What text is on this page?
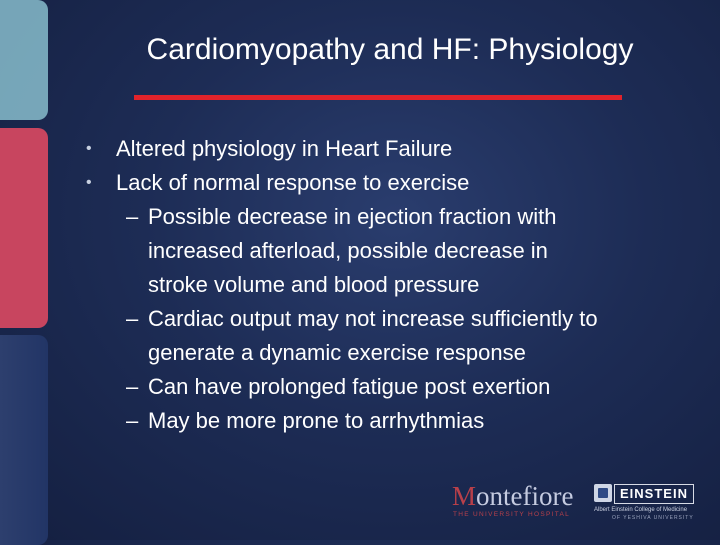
Cardiomyopathy and HF: Physiology
• Altered physiology in Heart Failure
• Lack of normal response to exercise
– Possible decrease in ejection fraction with
increased afterload, possible decrease in
stroke volume and blood pressure
– Cardiac output may not increase sufficiently to
generate a dynamic exercise response
– Can have prolonged fatigue post exertion
– May be more prone to arrhythmias
Montefiore
THE UNIVERSITY HOSPITAL
EINSTEIN
Albert Einstein College of Medicine
OF YESHIVA UNIVERSITY
